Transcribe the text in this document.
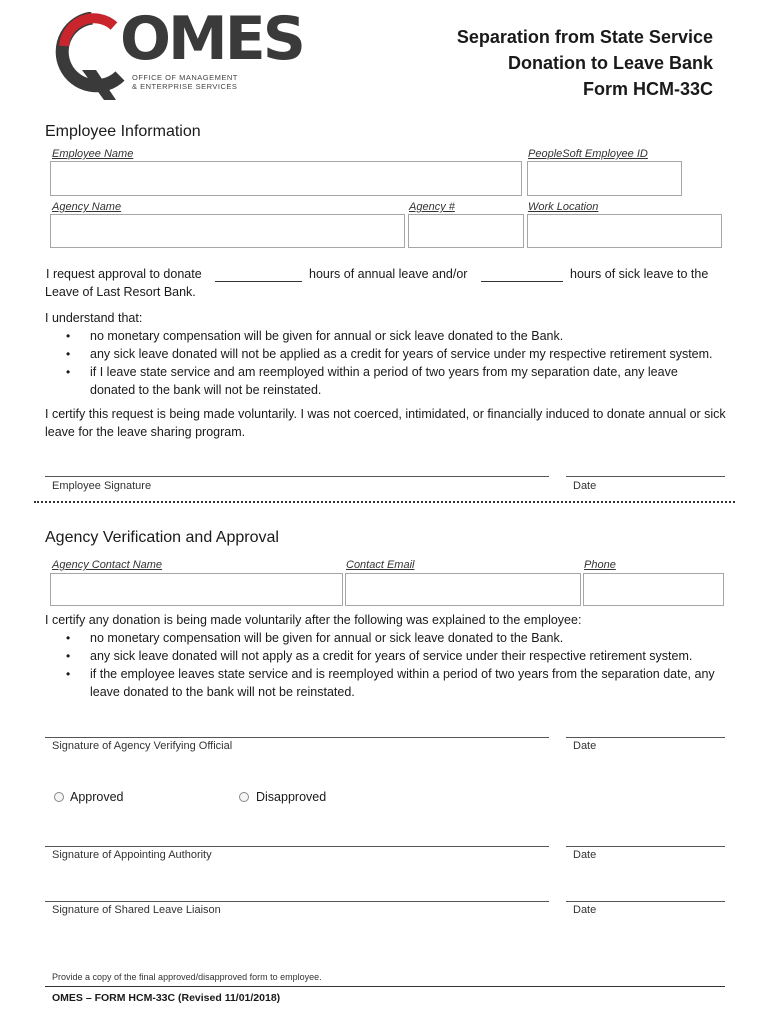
OMES
OFFICE OF MANAGEMENT
& ENTERPRISE SERVICES
Separation from State Service
Donation to Leave Bank
Form HCM-33C
Employee Information
Employee Name	PeopleSoft Employee ID
Agency Name	Agency #	Work Location
I request approval to donate	hours of annual leave and/or	hours of sick leave to the
Leave of Last Resort Bank.
I understand that:
• no monetary compensation will be given for annual or sick leave donated to the Bank.
• any sick leave donated will not be applied as a credit for years of service under my respective retirement system.
• if I leave state service and am reemployed within a period of two years from my separation date, any leave donated to the bank will not be reinstated.
I certify this request is being made voluntarily. I was not coerced, intimidated, or financially induced to donate annual or sick leave for the leave sharing program.
Employee Signature	Date
Agency Verification and Approval
Agency Contact Name	Contact Email	Phone
I certify any donation is being made voluntarily after the following was explained to the employee:
• no monetary compensation will be given for annual or sick leave donated to the Bank.
• any sick leave donated will not apply as a credit for years of service under their respective retirement system.
• if the employee leaves state service and is reemployed within a period of two years from the separation date, any leave donated to the bank will not be reinstated.
Signature of Agency Verifying Official	Date
Approved	Disapproved
Signature of Appointing Authority	Date
Signature of Shared Leave Liaison	Date
Provide a copy of the final approved/disapproved form to employee.
OMES – FORM HCM-33C (Revised 11/01/2018)
